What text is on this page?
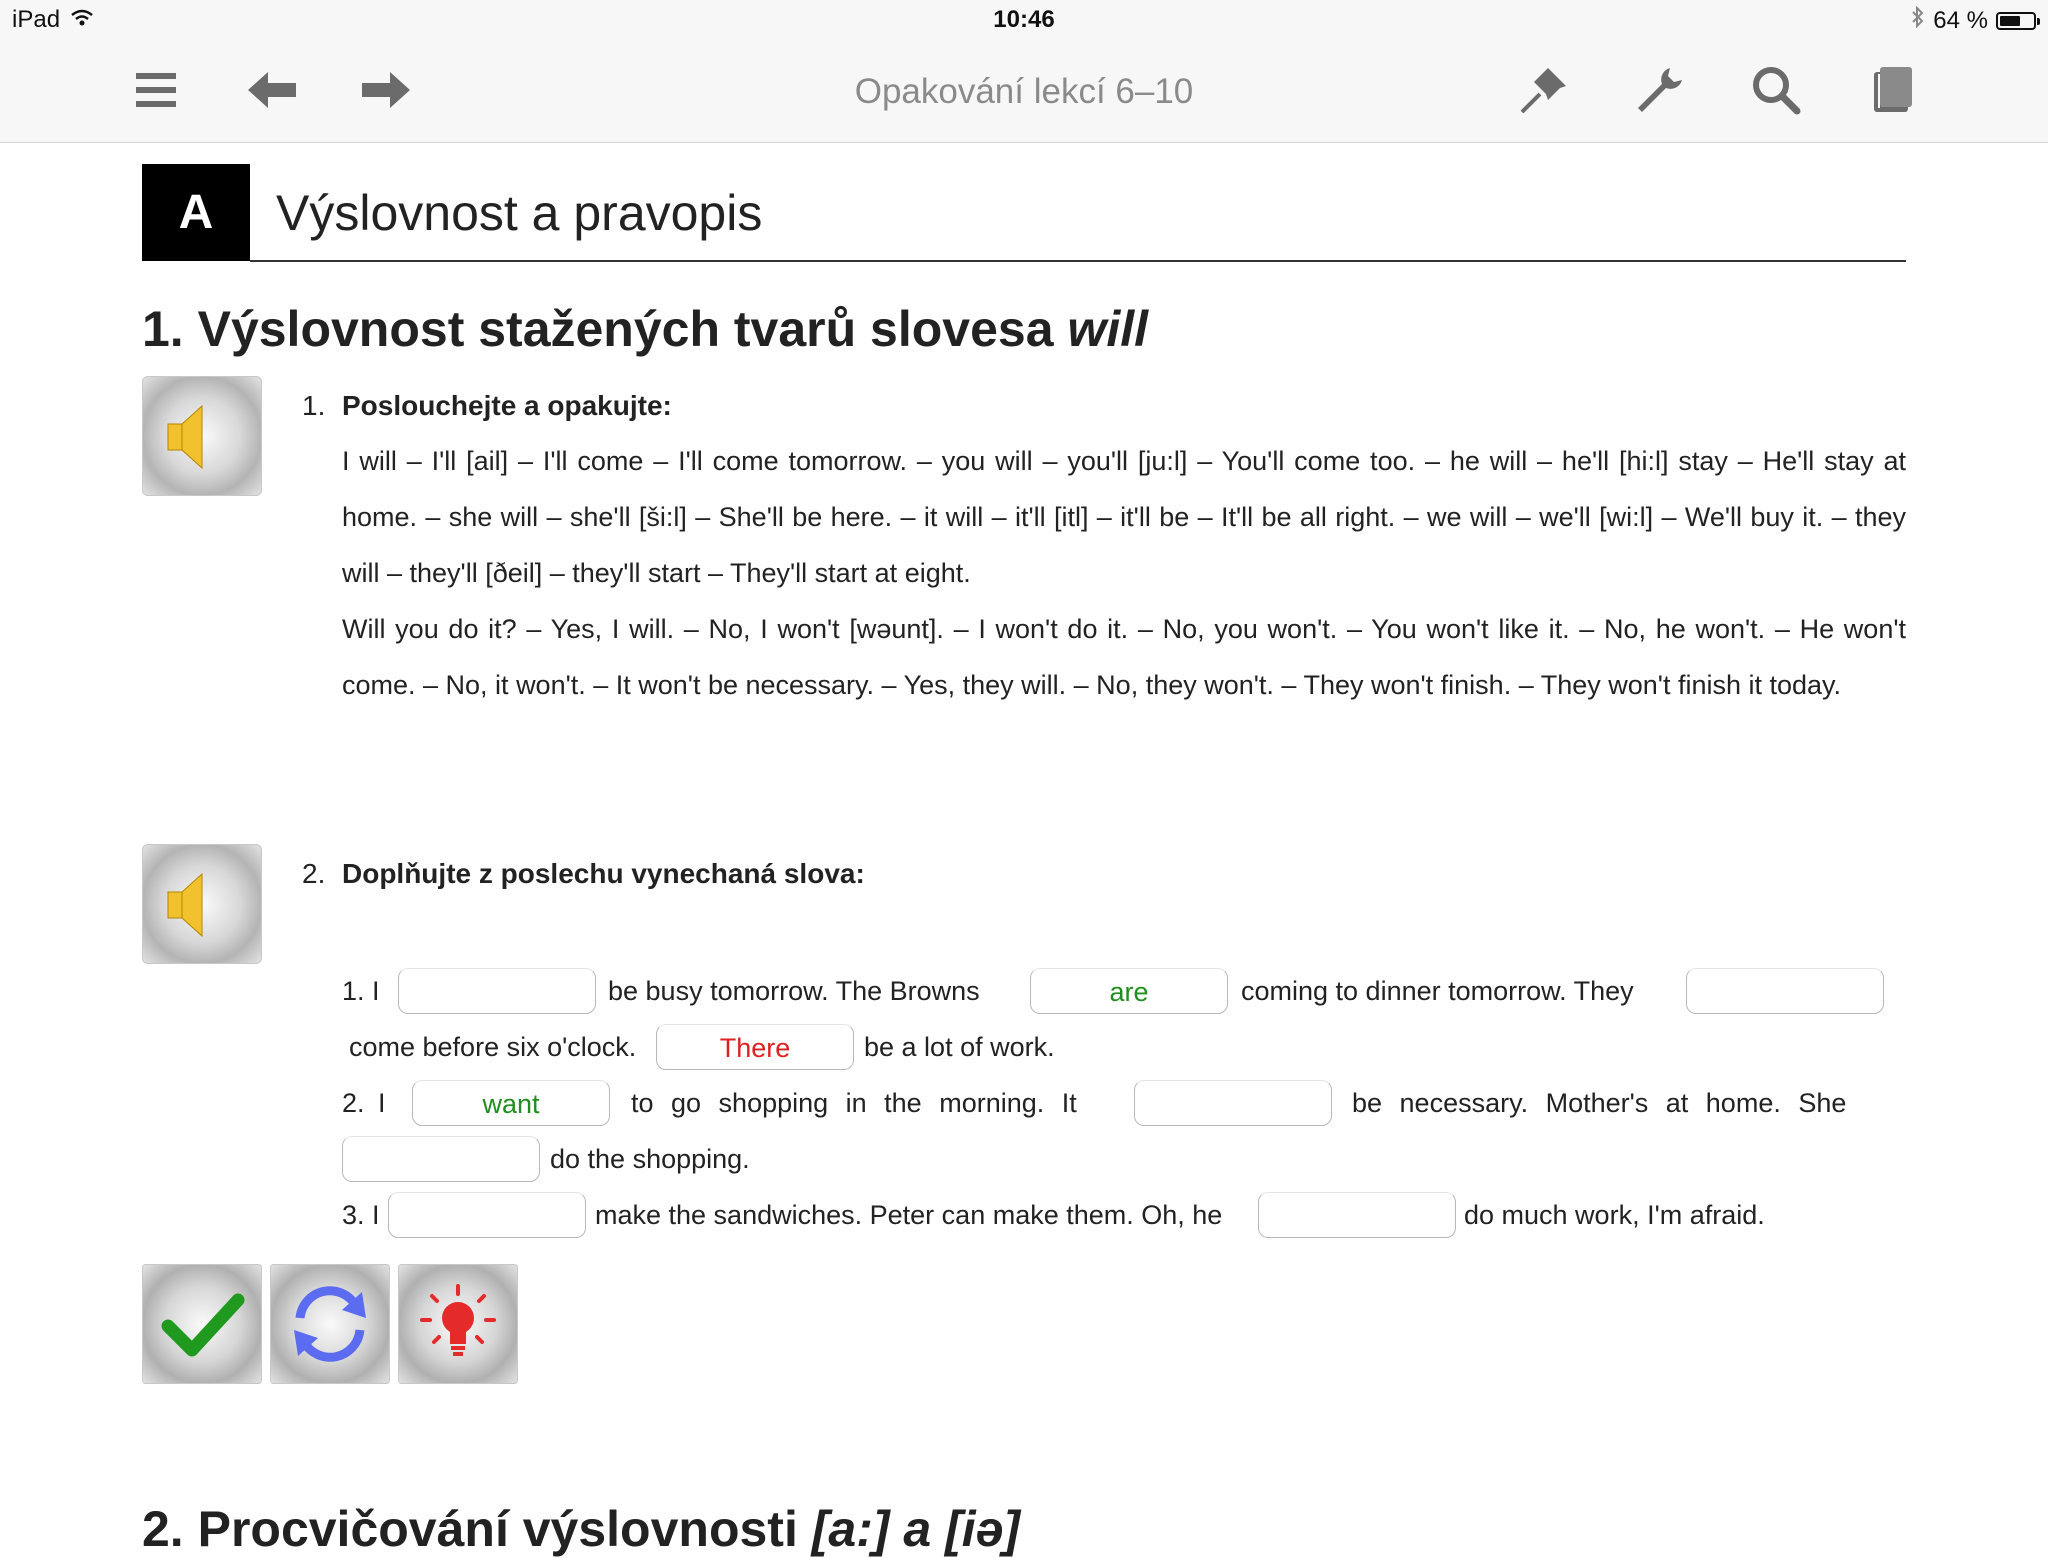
iPad	10:46	64 %
Opakování lekcí 6–10
A	Výslovnost a pravopis
1. Výslovnost stažených tvarů slovesa will
1. Poslouchejte a opakujte:
I will – I'll [ail] – I'll come – I'll come tomorrow. – you will – you'll [ju:l] – You'll come too. – he will – he'll [hi:l] stay – He'll stay at home. – she will – she'll [ši:l] – She'll be here. – it will – it'll [itl] – it'll be – It'll be all right. – we will – we'll [wi:l] – We'll buy it. – they will – they'll [ðeil] – they'll start – They'll start at eight.
Will you do it? – Yes, I will. – No, I won't [wəunt]. – I won't do it. – No, you won't. – You won't like it. – No, he won't. – He won't come. – No, it won't. – It won't be necessary. – Yes, they will. – No, they won't. – They won't finish. – They won't finish it today.
2. Doplňujte z poslechu vynechaná slova:
1. I	be busy tomorrow. The Browns	are	coming to dinner tomorrow. They
come before six o'clock.	There	be a lot of work.
2. I	want	to go shopping in the morning. It	be necessary. Mother's at home. She
do the shopping.
3. I	make the sandwiches. Peter can make them. Oh, he	do much work, I'm afraid.
2. Procvičování výslovnosti [a:] a [iə]
